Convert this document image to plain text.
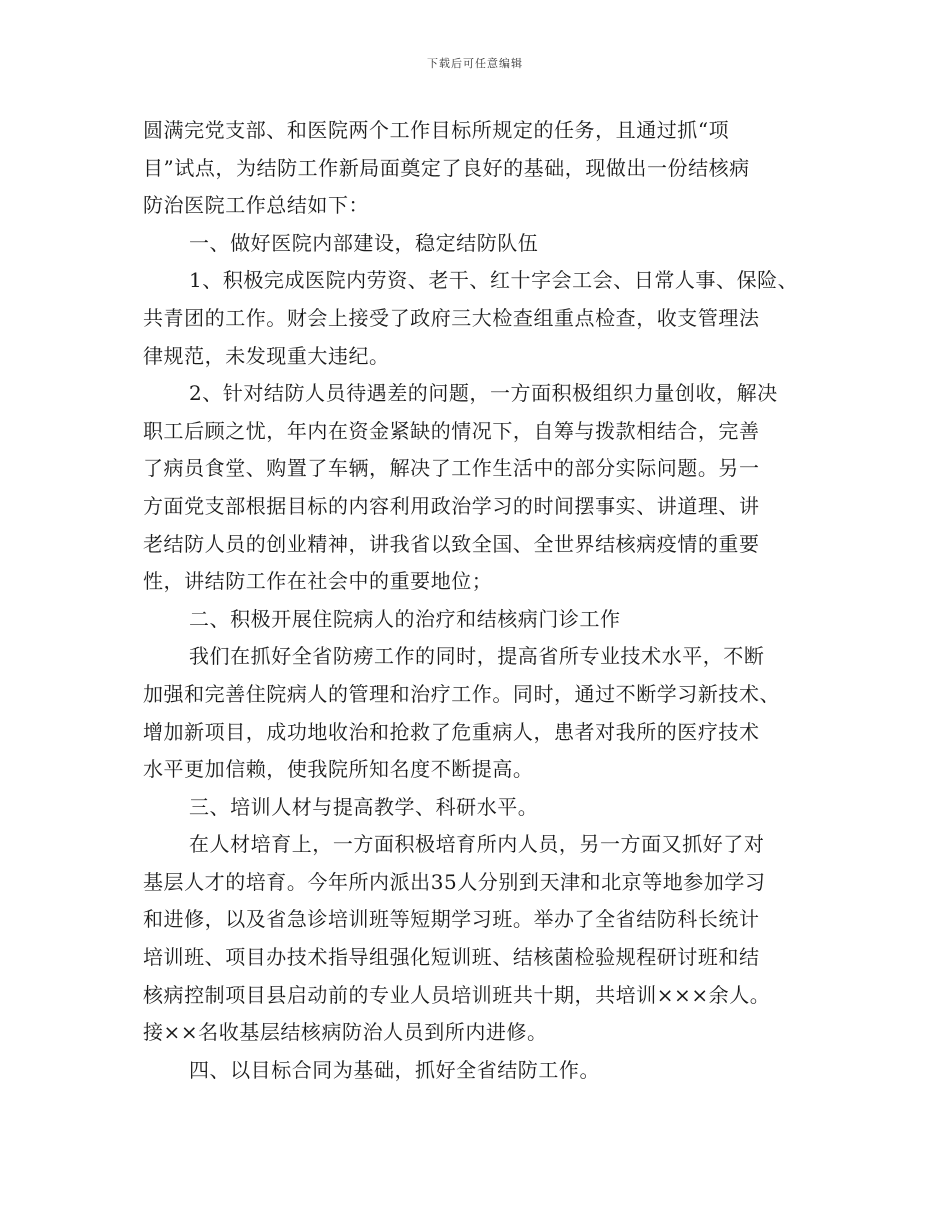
下载后可任意编辑
圆满完党支部、和医院两个工作目标所规定的任务，且通过抓“项
目”试点，为结防工作新局面奠定了良好的基础，现做出一份结核病
防治医院工作总结如下：
一、做好医院内部建设，稳定结防队伍
1、积极完成医院内劳资、老干、红十字会工会、日常人事、保险、
共青团的工作。财会上接受了政府三大检查组重点检查，收支管理法
律规范，未发现重大违纪。
2、针对结防人员待遇差的问题，一方面积极组织力量创收，解决
职工后顾之忧，年内在资金紧缺的情况下，自筹与拨款相结合，完善
了病员食堂、购置了车辆，解决了工作生活中的部分实际问题。另一
方面党支部根据目标的内容利用政治学习的时间摆事实、讲道理、讲
老结防人员的创业精神，讲我省以致全国、全世界结核病疫情的重要
性，讲结防工作在社会中的重要地位；
二、积极开展住院病人的治疗和结核病门诊工作
我们在抓好全省防痨工作的同时，提高省所专业技术水平，不断
加强和完善住院病人的管理和治疗工作。同时，通过不断学习新技术、
增加新项目，成功地收治和抢救了危重病人，患者对我所的医疗技术
水平更加信赖，使我院所知名度不断提高。
三、培训人材与提高教学、科研水平。
在人材培育上，一方面积极培育所内人员，另一方面又抓好了对
基层人才的培育。今年所内派出35人分别到天津和北京等地参加学习
和进修，以及省急诊培训班等短期学习班。举办了全省结防科长统计
培训班、项目办技术指导组强化短训班、结核菌检验规程研讨班和结
核病控制项目县启动前的专业人员培训班共十期，共培训×××余人。
接××名收基层结核病防治人员到所内进修。
四、以目标合同为基础，抓好全省结防工作。
